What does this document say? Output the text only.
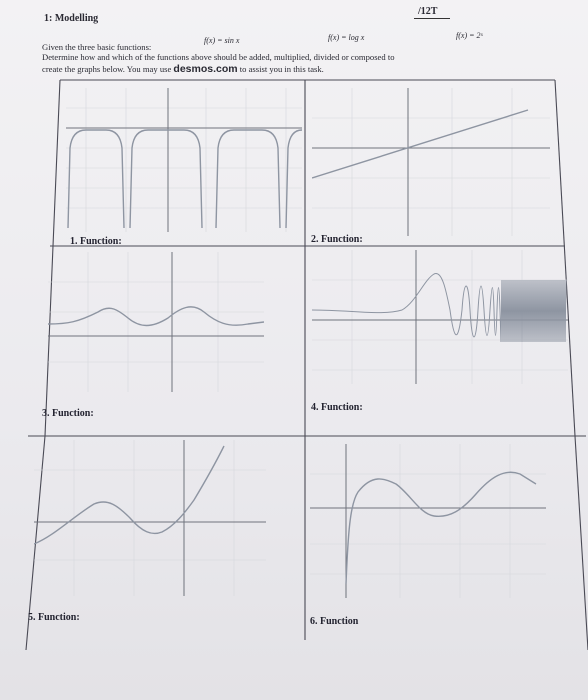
1: Modelling
/12T
Given the three basic functions:
f(x) = sin x	f(x) = log x	f(x) = 2ˣ
Determine how and which of the functions above should be added, multiplied, divided or composed to
create the graphs below. You may use desmos.com to assist you in this task.
1. Function:	2. Function:
3. Function:
4. Function:
5. Function:	6. Function
